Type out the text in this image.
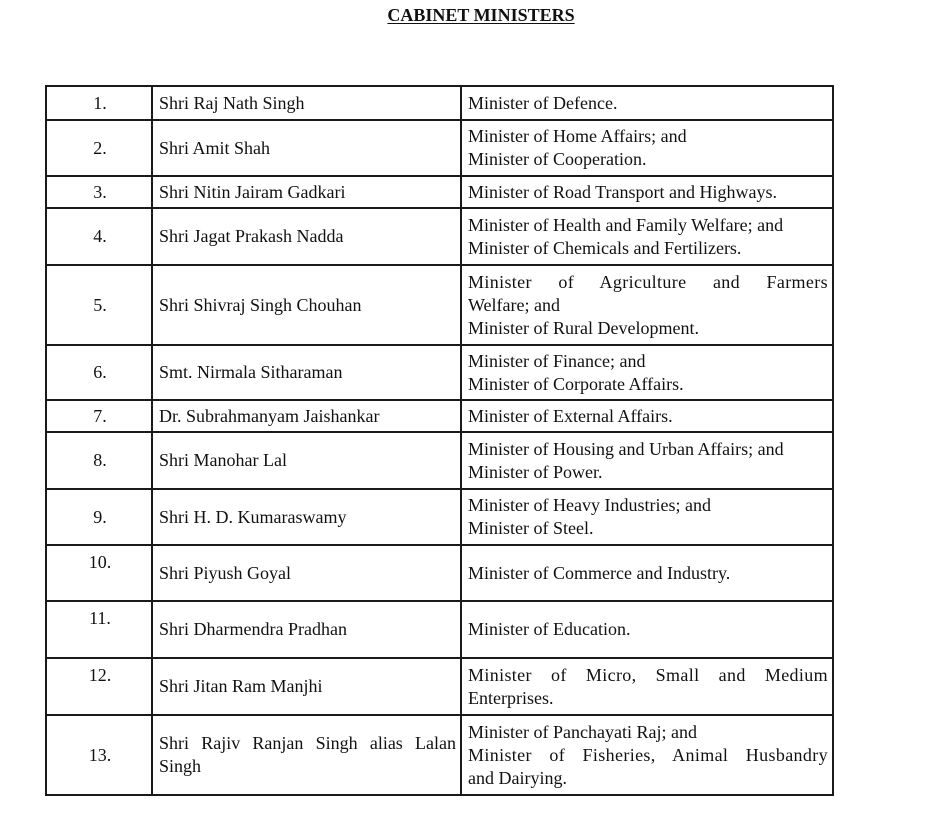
CABINET MINISTERS
1.	Shri Raj Nath Singh	Minister of Defence.

2.	Shri Amit Shah	Minister of Home Affairs; and
Minister of Cooperation.

3.	Shri Nitin Jairam Gadkari	Minister of Road Transport and Highways.

4.	Shri Jagat Prakash Nadda	Minister of Health and Family Welfare; and
Minister of Chemicals and Fertilizers.

5.	Shri Shivraj Singh Chouhan	Minister of Agriculture and Farmers
Welfare; and
Minister of Rural Development.

6.	Smt. Nirmala Sitharaman	Minister of Finance; and
Minister of Corporate Affairs.

7.	Dr. Subrahmanyam Jaishankar	Minister of External Affairs.

8.	Shri Manohar Lal	Minister of Housing and Urban Affairs; and
Minister of Power.

9.	Shri H. D. Kumaraswamy	Minister of Heavy Industries; and
Minister of Steel.

10.	Shri Piyush Goyal	Minister of Commerce and Industry.

11.	Shri Dharmendra Pradhan	Minister of Education.

12.	Shri Jitan Ram Manjhi	Minister of Micro, Small and Medium
Enterprises.

13.	Shri Rajiv Ranjan Singh alias Lalan Singh	Minister of Panchayati Raj; and
Minister of Fisheries, Animal Husbandry
and Dairying.
